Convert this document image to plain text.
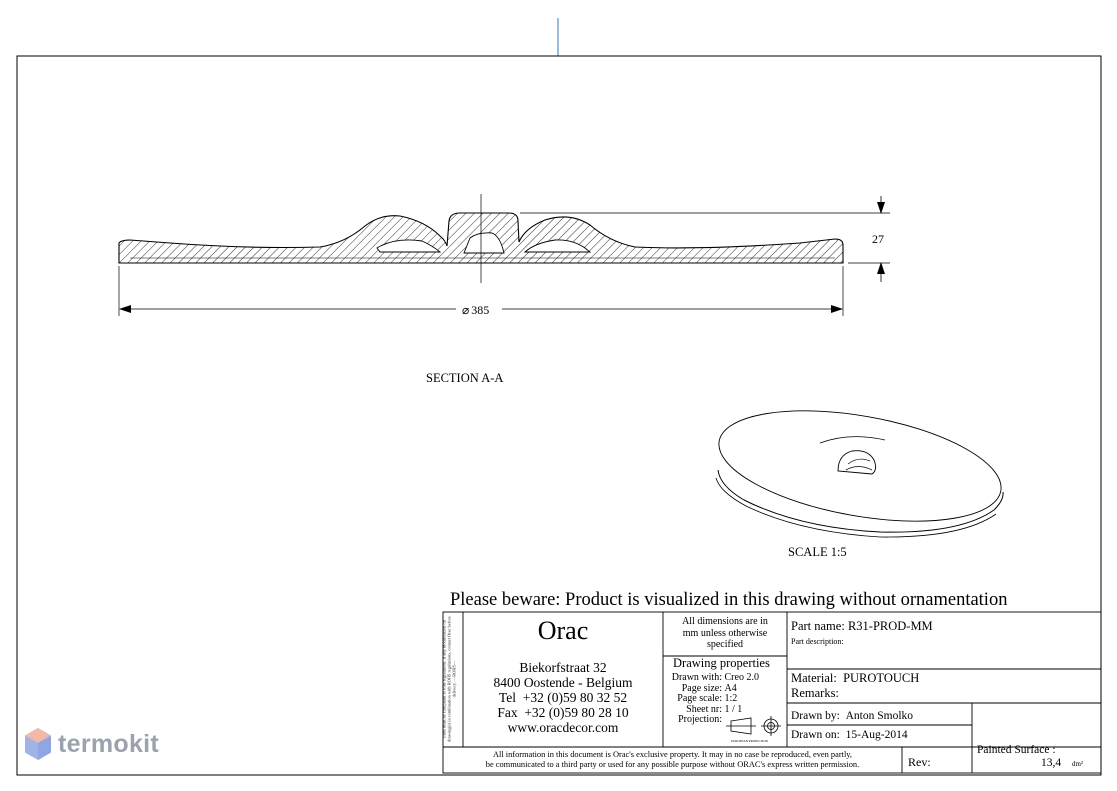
27
⌀ 385
SECTION A-A
SCALE 1:5
Please beware: Product is visualized in this drawing without ornamentation
Parts must be compliant to rohs regulations. If any modification on drawing(s) in combination with ROHS regulations, contact Orac before delivery. —ROHS—
Orac
Biekorfstraat 32
8400 Oostende - Belgium
Tel +32 (0)59 80 32 52
Fax +32 (0)59 80 28 10
www.oracdecor.com
All dimensions are in
mm unless otherwise
specified
Drawing properties
Drawn with:
Creo 2.0
Page size:
A4
Page scale:
1:2
Sheet nr:
1 / 1
Projection:
EUROPEAN PROJECTION
Part name: R31-PROD-MM
Part description:
Material: PUROTOUCH
Remarks:
Drawn by: Anton Smolko
Drawn on: 15-Aug-2014
Painted Surface :
13,4 dm²
Rev:
All information in this document is Orac's exclusive property. It may in no case be reproduced, even partly,
be communicated to a third party or used for any possible purpose without ORAC's express written permission.
termokit
